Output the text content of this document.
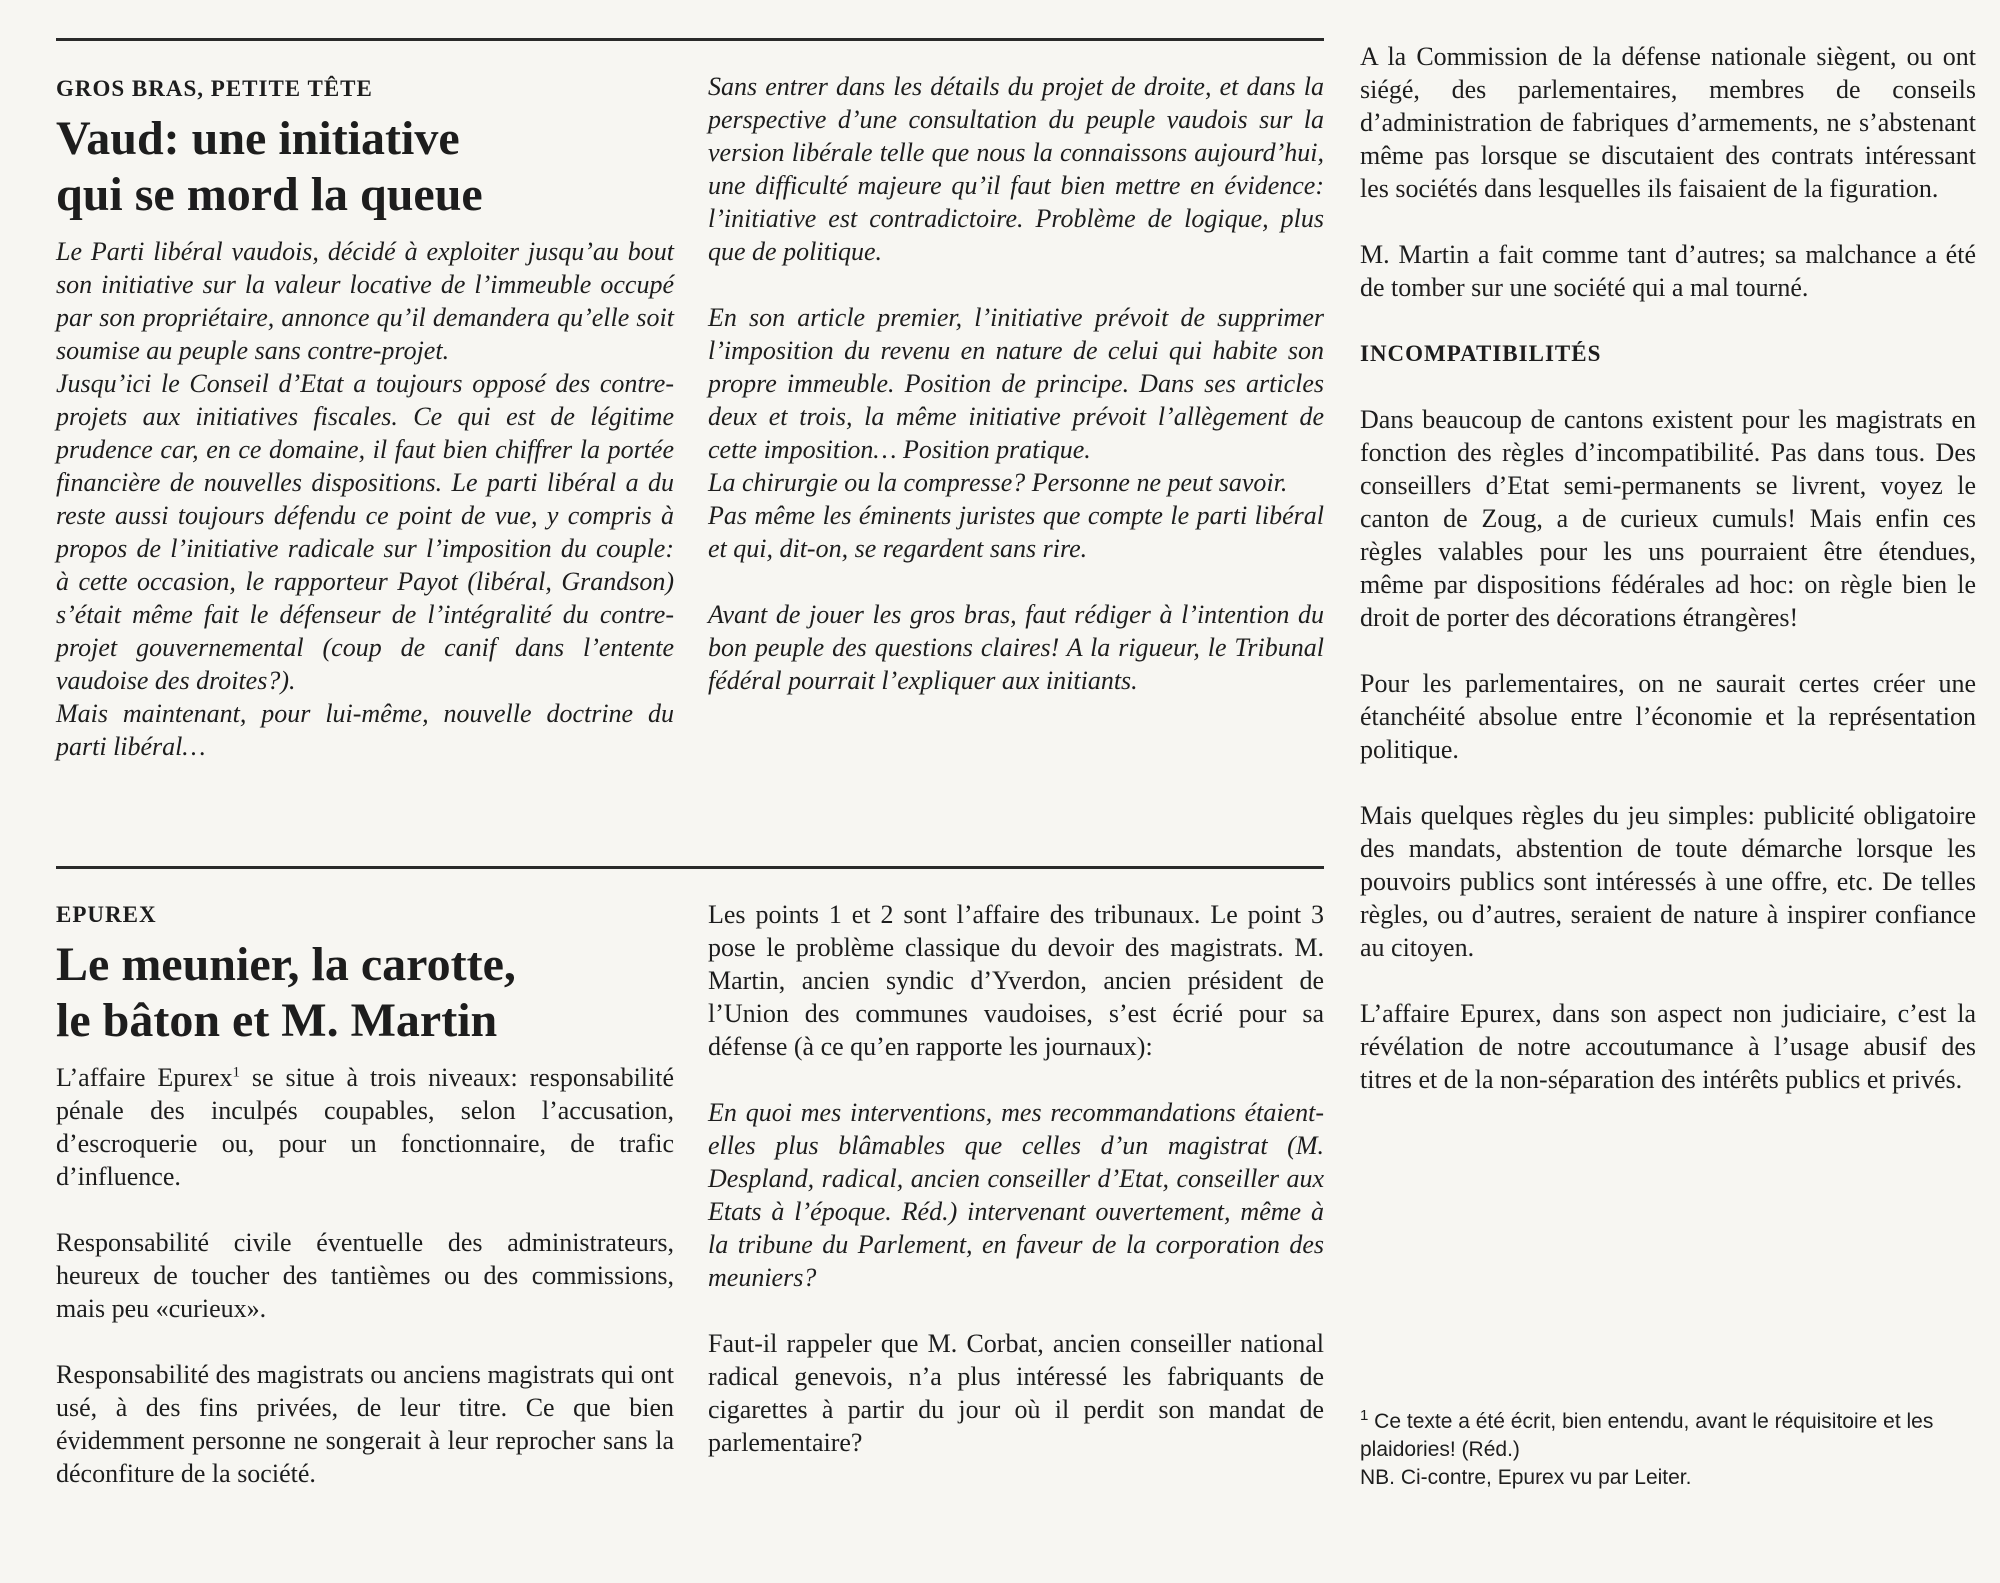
GROS BRAS, PETITE TÊTE
Vaud: une initiative
qui se mord la queue

Le Parti libéral vaudois, décidé à exploiter jusqu’au bout son initiative sur la valeur locative de l’immeuble occupé par son propriétaire, annonce qu’il demandera qu’elle soit soumise au peuple sans contre-projet.

Jusqu’ici le Conseil d’Etat a toujours opposé des contre-projets aux initiatives fiscales. Ce qui est de légitime prudence car, en ce domaine, il faut bien chiffrer la portée financière de nouvelles dispositions. Le parti libéral a du reste aussi toujours défendu ce point de vue, y compris à propos de l’initiative radicale sur l’imposition du couple: à cette occasion, le rapporteur Payot (libéral, Grandson) s’était même fait le défenseur de l’intégralité du contre-projet gouvernemental (coup de canif dans l’entente vaudoise des droites?).

Mais maintenant, pour lui-même, nouvelle doctrine du parti libéral…

Sans entrer dans les détails du projet de droite, et dans la perspective d’une consultation du peuple vaudois sur la version libérale telle que nous la connaissons aujourd’hui, une difficulté majeure qu’il faut bien mettre en évidence: l’initiative est contradictoire. Problème de logique, plus que de politique.

En son article premier, l’initiative prévoit de supprimer l’imposition du revenu en nature de celui qui habite son propre immeuble. Position de principe. Dans ses articles deux et trois, la même initiative prévoit l’allègement de cette imposition… Position pratique.

La chirurgie ou la compresse? Personne ne peut savoir.

Pas même les éminents juristes que compte le parti libéral et qui, dit-on, se regardent sans rire.

Avant de jouer les gros bras, faut rédiger à l’intention du bon peuple des questions claires! A la rigueur, le Tribunal fédéral pourrait l’expliquer aux initiants.

EPUREX
Le meunier, la carotte,
le bâton et M. Martin

L’affaire Epurex$^1$ se situe à trois niveaux: responsabilité pénale des inculpés coupables, selon l’accusation, d’escroquerie ou, pour un fonctionnaire, de trafic d’influence.

Responsabilité civile éventuelle des administrateurs, heureux de toucher des tantièmes ou des commissions, mais peu «curieux».

Responsabilité des magistrats ou anciens magistrats qui ont usé, à des fins privées, de leur titre. Ce que bien évidemment personne ne songerait à leur reprocher sans la déconfiture de la société.

Les points 1 et 2 sont l’affaire des tribunaux. Le point 3 pose le problème classique du devoir des magistrats. M. Martin, ancien syndic d’Yverdon, ancien président de l’Union des communes vaudoises, s’est écrié pour sa défense (à ce qu’en rapporte les journaux):

En quoi mes interventions, mes recommandations étaient-elles plus blâmables que celles d’un magistrat (M. Despland, radical, ancien conseiller d’Etat, conseiller aux Etats à l’époque. Réd.) intervenant ouvertement, même à la tribune du Parlement, en faveur de la corporation des meuniers?

Faut-il rappeler que M. Corbat, ancien conseiller national radical genevois, n’a plus intéressé les fabriquants de cigarettes à partir du jour où il perdit son mandat de parlementaire?

A la Commission de la défense nationale siègent, ou ont siégé, des parlementaires, membres de conseils d’administration de fabriques d’armements, ne s’abstenant même pas lorsque se discutaient des contrats intéressant les sociétés dans lesquelles ils faisaient de la figuration.

M. Martin a fait comme tant d’autres; sa malchance a été de tomber sur une société qui a mal tourné.

INCOMPATIBILITÉS

Dans beaucoup de cantons existent pour les magistrats en fonction des règles d’incompatibilité. Pas dans tous. Des conseillers d’Etat semi-permanents se livrent, voyez le canton de Zoug, a de curieux cumuls! Mais enfin ces règles valables pour les uns pourraient être étendues, même par dispositions fédérales ad hoc: on règle bien le droit de porter des décorations étrangères!

Pour les parlementaires, on ne saurait certes créer une étanchéité absolue entre l’économie et la représentation politique.

Mais quelques règles du jeu simples: publicité obligatoire des mandats, abstention de toute démarche lorsque les pouvoirs publics sont intéressés à une offre, etc. De telles règles, ou d’autres, seraient de nature à inspirer confiance au citoyen.

L’affaire Epurex, dans son aspect non judiciaire, c’est la révélation de notre accoutumance à l’usage abusif des titres et de la non-séparation des intérêts publics et privés.

$^1$ Ce texte a été écrit, bien entendu, avant le réquisitoire et les plaidories! (Réd.)
NB. Ci-contre, Epurex vu par Leiter.
